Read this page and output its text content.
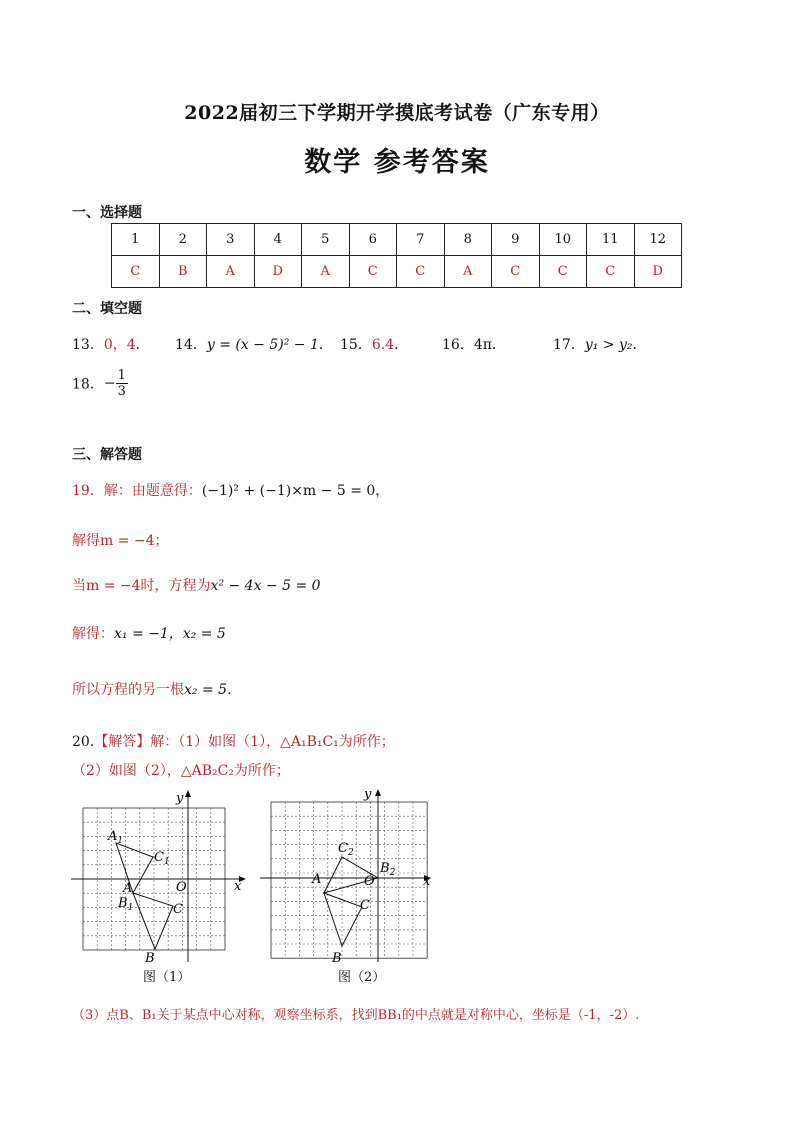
2022届初三下学期开学摸底考试卷（广东专用）
数学 参考答案
一、选择题
1	2	3	4	5	6	7	8	9	10	11	12
C	B	A	D	A	C	C	A	C	C	C	D
二、填空题
13．0，4． 14．y = (x − 5)² − 1． 15．6.4． 16．4π．	17．y₁ > y₂．
18．− $\frac{1}{3}$
三、解答题
19．解：由题意得：(−1)² + (−1)×m − 5 = 0，
解得m = −4；
当m = −4时，方程为x² − 4x − 5 = 0
解得：x₁ = −1，x₂ = 5
所以方程的另一根x₂ = 5．
20.【解答】解：（1）如图（1），△A₁B₁C₁为所作；
（2）如图（2），△AB₂C₂为所作；
x
y
O
A
B
C
$A_1$
$B_1$
$C_1$
图（1）
x
y
O
A
B
C
$C_2$
$B_2$
图（2）
（3）点B、B₁关于某点中心对称，观察坐标系，找到BB₁的中点就是对称中心，坐标是（-1，-2）.
